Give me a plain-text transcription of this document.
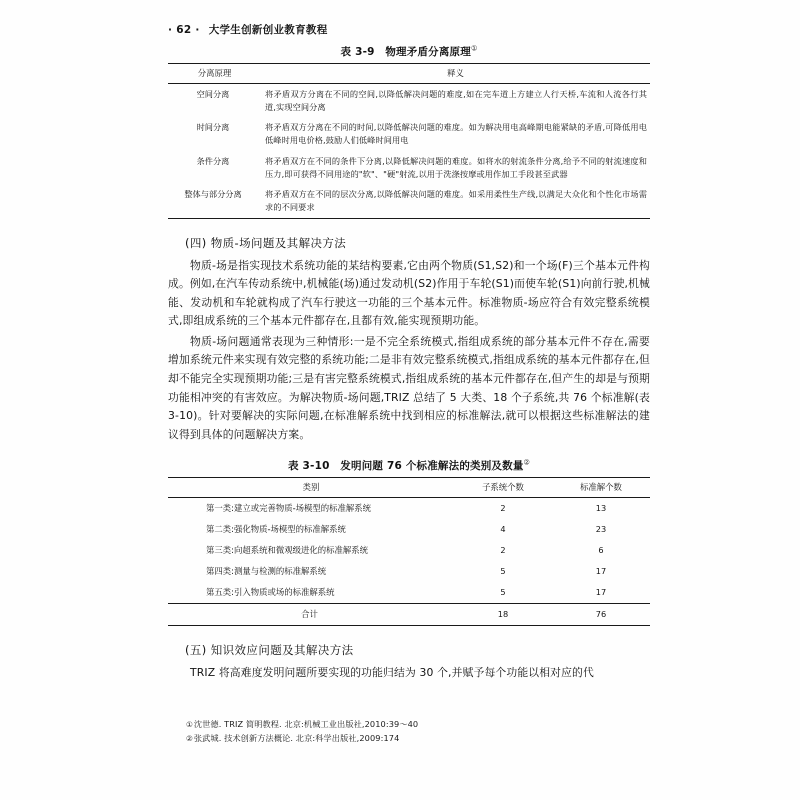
· 62 · 大学生创新创业教育教程
表 3-9　物理矛盾分离原理①
分离原理	释义
空间分离	将矛盾双方分离在不同的空间,以降低解决问题的难度,如在完车道上方建立人行天桥,车流和人流各行其道,实现空间分离
时间分离	将矛盾双方分离在不同的时间,以降低解决问题的难度。如为解决用电高峰期电能紧缺的矛盾,可降低用电低峰时用电价格,鼓励人们低峰时间用电
条件分离	将矛盾双方在不同的条件下分离,以降低解决问题的难度。如将水的射流条件分离,给予不同的射流速度和压力,即可获得不同用途的"软"、"硬"射流,以用于洗涤按摩或用作加工手段甚至武器
整体与部分分离	将矛盾双方在不同的层次分离,以降低解决问题的难度。如采用柔性生产线,以满足大众化和个性化市场需求的不同要求
(四) 物质-场问题及其解决方法

物质-场是指实现技术系统功能的某结构要素,它由两个物质(S1,S2)和一个场(F)三个基本元件构成。例如,在汽车传动系统中,机械能(场)通过发动机(S2)作用于车轮(S1)而使车轮(S1)向前行驶,机械能、发动机和车轮就构成了汽车行驶这一功能的三个基本元件。标准物质-场应符合有效完整系统模式,即组成系统的三个基本元件都存在,且都有效,能实现预期功能。

物质-场问题通常表现为三种情形:一是不完全系统模式,指组成系统的部分基本元件不存在,需要增加系统元件来实现有效完整的系统功能;二是非有效完整系统模式,指组成系统的基本元件都存在,但却不能完全实现预期功能;三是有害完整系统模式,指组成系统的基本元件都存在,但产生的却是与预期功能相冲突的有害效应。为解决物质-场问题,TRIZ 总结了 5 大类、18 个子系统,共 76 个标准解(表 3-10)。针对要解决的实际问题,在标准解系统中找到相应的标准解法,就可以根据这些标准解法的建议得到具体的问题解决方案。

表 3-10　发明问题 76 个标准解法的类别及数量②
类别	子系统个数	标准解个数
第一类:建立或完善物质-场模型的标准解系统	2	13
第二类:强化物质-场模型的标准解系统	4	23
第三类:向超系统和微观级进化的标准解系统	2	6
第四类:测量与检测的标准解系统	5	17
第五类:引入物质或场的标准解系统	5	17
合计	18	76
(五) 知识效应问题及其解决方法

TRIZ 将高难度发明问题所要实现的功能归结为 30 个,并赋予每个功能以相对应的代

①沈世德. TRIZ 简明教程. 北京:机械工业出版社,2010:39～40
②张武城. 技术创新方法概论. 北京:科学出版社,2009:174
